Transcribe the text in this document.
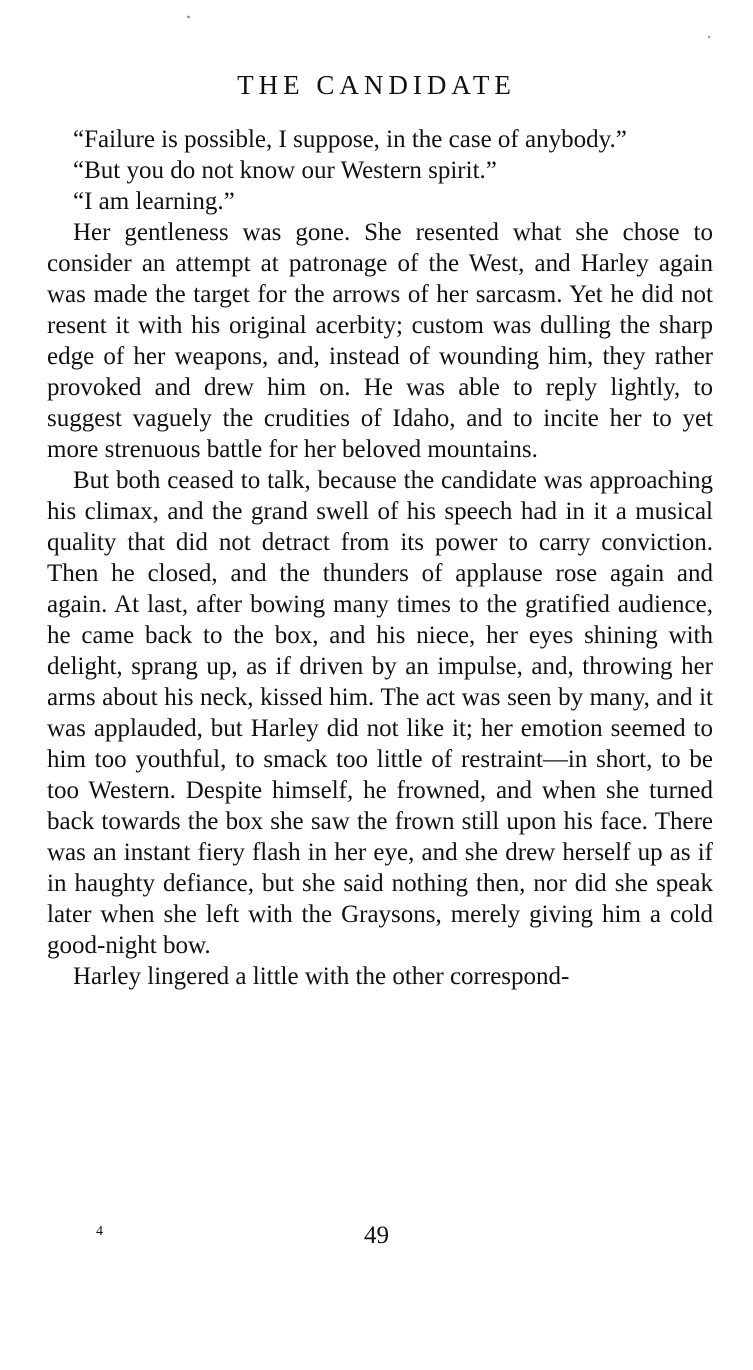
THE CANDIDATE

“Failure is possible, I suppose, in the case of anybody.”

“But you do not know our Western spirit.”

“I am learning.”

Her gentleness was gone. She resented what she chose to consider an attempt at patronage of the West, and Harley again was made the target for the arrows of her sarcasm. Yet he did not resent it with his original acerbity; custom was dulling the sharp edge of her weapons, and, instead of wounding him, they rather provoked and drew him on. He was able to reply lightly, to suggest vaguely the crudities of Idaho, and to incite her to yet more strenuous battle for her beloved mountains.

But both ceased to talk, because the candidate was approaching his climax, and the grand swell of his speech had in it a musical quality that did not detract from its power to carry conviction. Then he closed, and the thunders of applause rose again and again. At last, after bowing many times to the gratified audience, he came back to the box, and his niece, her eyes shining with delight, sprang up, as if driven by an impulse, and, throwing her arms about his neck, kissed him. The act was seen by many, and it was applauded, but Harley did not like it; her emotion seemed to him too youthful, to smack too little of restraint—in short, to be too Western. Despite himself, he frowned, and when she turned back towards the box she saw the frown still upon his face. There was an instant fiery flash in her eye, and she drew herself up as if in haughty defiance, but she said nothing then, nor did she speak later when she left with the Graysons, merely giving him a cold good-night bow.

Harley lingered a little with the other correspond-

4	49
